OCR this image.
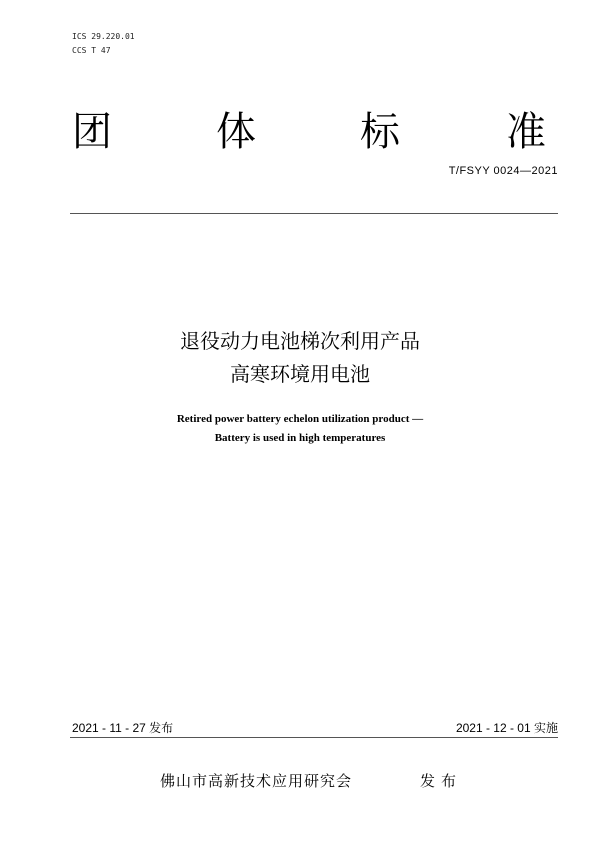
ICS 29.220.01
CCS T 47
团	体	标	准
T/FSYY 0024—2021
退役动力电池梯次利用产品
高寒环境用电池
Retired power battery echelon utilization product —
Battery is used in high temperatures
2021 - 11 - 27 发布	2021 - 12 - 01 实施
佛山市高新技术应用研究会	发布
